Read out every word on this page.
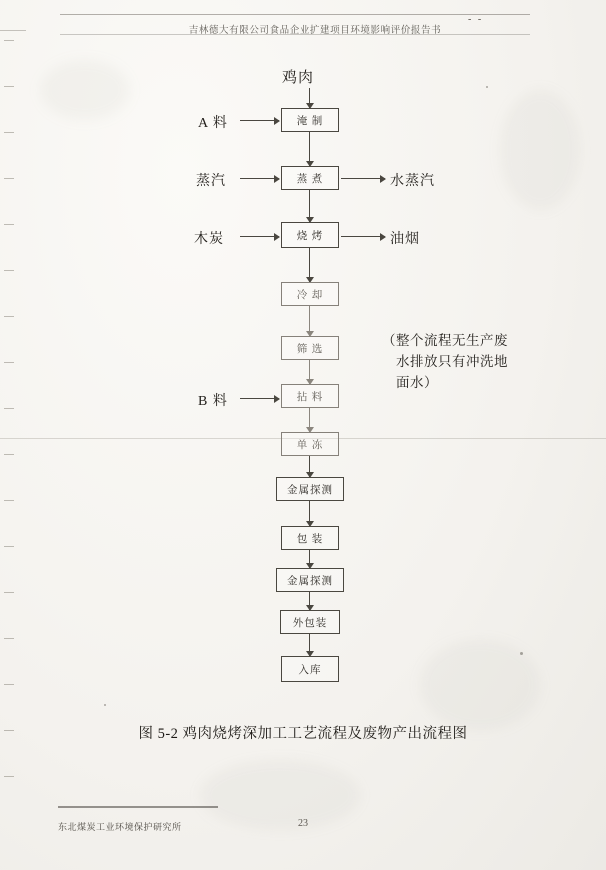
- -
吉林德大有限公司食品企业扩建项目环境影响评价报告书
鸡肉
淹 制
A 料
蒸 煮
蒸汽	水蒸汽
烧 烤
木炭	油烟
冷 却
筛 选
拈 料
B 料
单 冻
金属探测
包 装
金属探测
外包装
入库
（整个流程无生产废
水排放只有冲洗地
面水）
图 5-2 鸡肉烧烤深加工工艺流程及废物产出流程图
东北煤炭工业环境保护研究所	23
